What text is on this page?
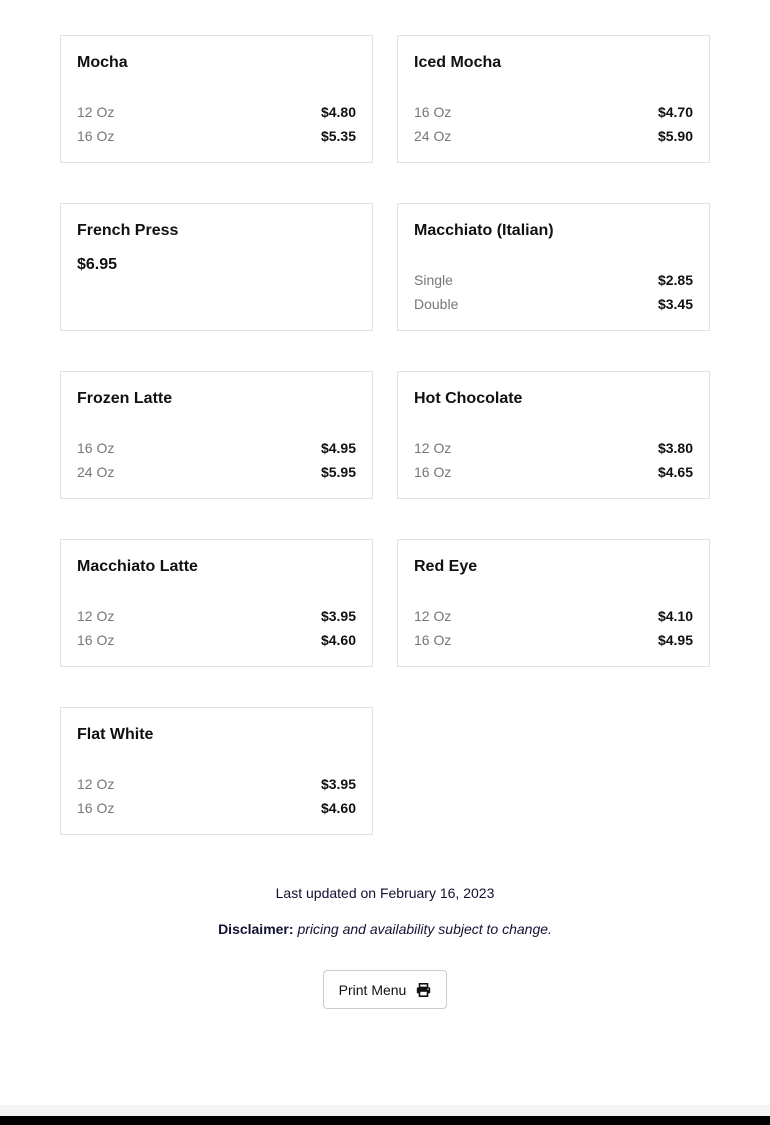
Mocha
12 Oz	$4.80
16 Oz	$5.35
Iced Mocha
16 Oz	$4.70
24 Oz	$5.90
French Press
$6.95
Macchiato (Italian)
Single	$2.85
Double	$3.45
Frozen Latte
16 Oz	$4.95
24 Oz	$5.95
Hot Chocolate
12 Oz	$3.80
16 Oz	$4.65
Macchiato Latte
12 Oz	$3.95
16 Oz	$4.60
Red Eye
12 Oz	$4.10
16 Oz	$4.95
Flat White
12 Oz	$3.95
16 Oz	$4.60
Last updated on February 16, 2023
Disclaimer: pricing and availability subject to change.
Print Menu
